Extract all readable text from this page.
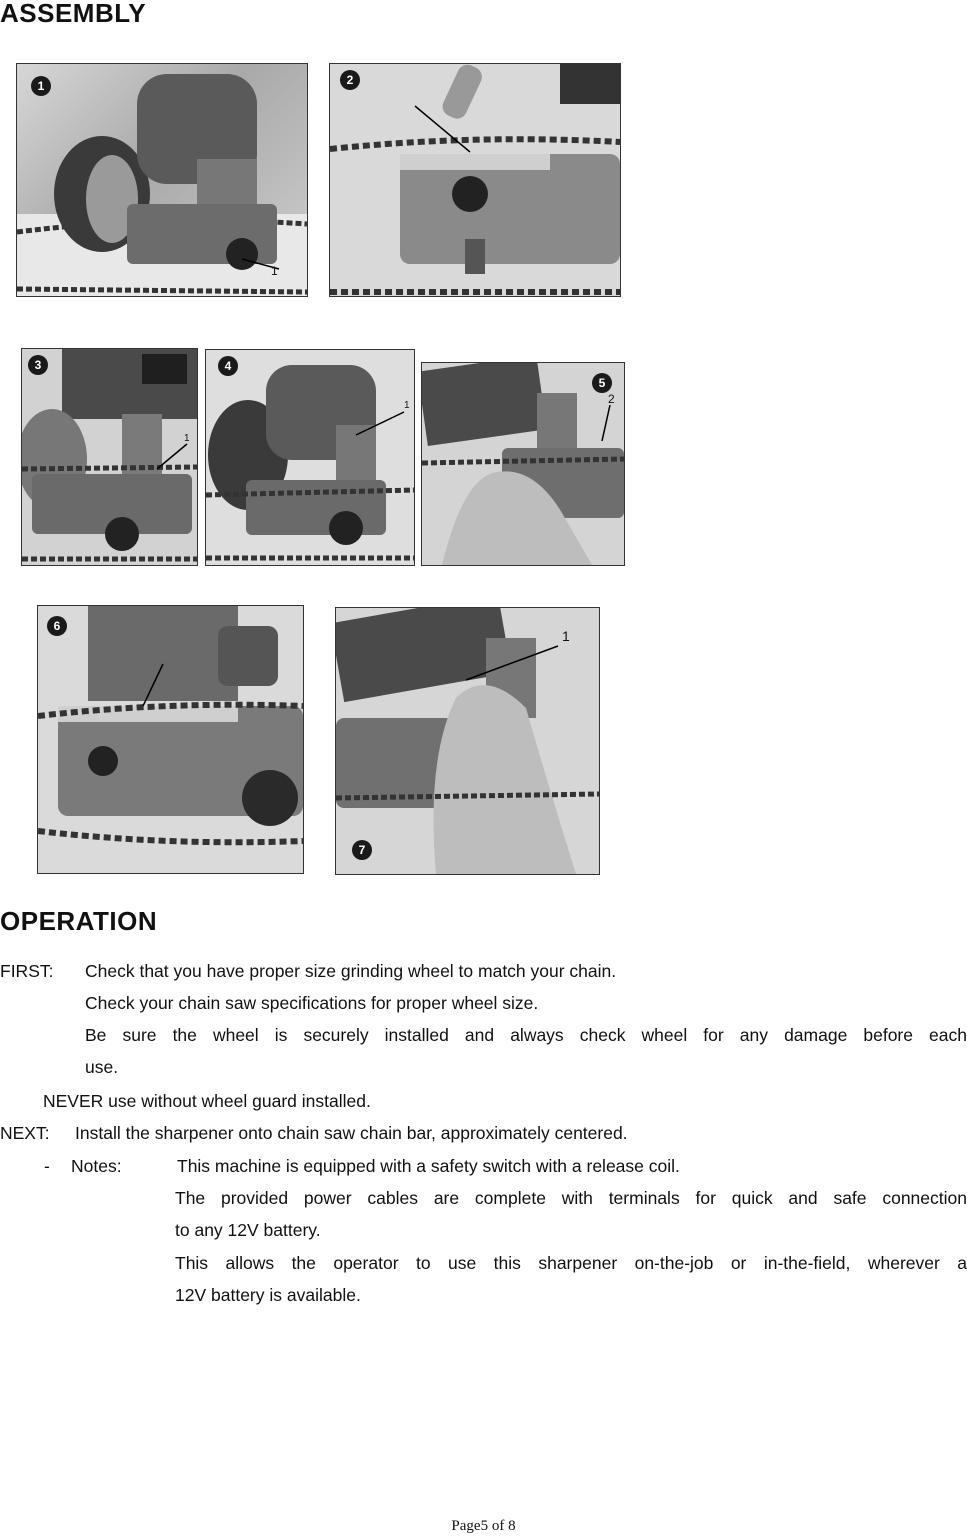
ASSEMBLY
1
1
2
3
1
4
1
5
2
6
7
1
OPERATION
FIRST: Check that you have proper size grinding wheel to match your chain.
Check your chain saw specifications for proper wheel size.
Be sure the wheel is securely installed and always check wheel for any damage before each
use.
NEVER use without wheel guard installed.
NEXT: Install the sharpener onto chain saw chain bar, approximately centered.
- Notes:	This machine is equipped with a safety switch with a release coil.
The provided power cables are complete with terminals for quick and safe connection
to any 12V battery.
This allows the operator to use this sharpener on-the-job or in-the-field, wherever a
12V battery is available.
Page5 of 8
